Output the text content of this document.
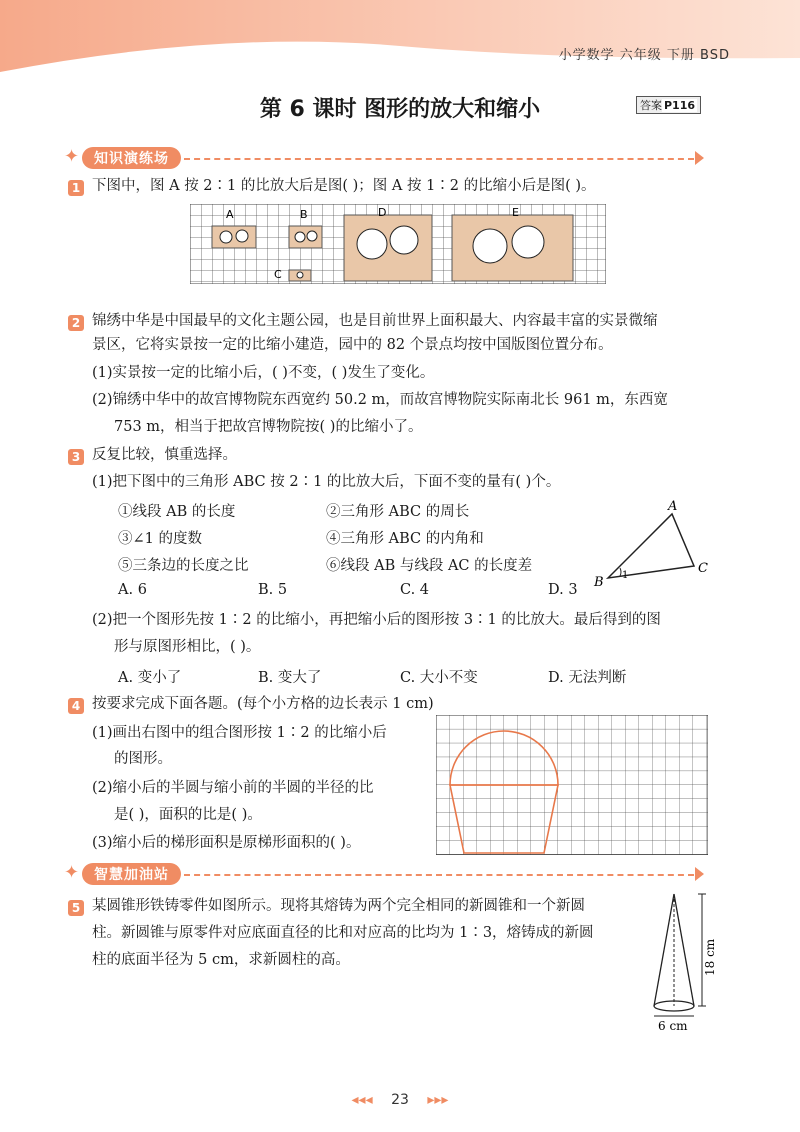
小学数学 六年级 下册 BSD
第 6 课时 图形的放大和缩小	答案 P116
✦	知识演练场
1 下图中，图 A 按 2∶1 的比放大后是图( )；图 A 按 1∶2 的比缩小后是图( )。
A	B
C
D	E
2 锦绣中华是中国最早的文化主题公园，也是目前世界上面积最大、内容最丰富的实景微缩
景区，它将实景按一定的比缩小建造，园中的 82 个景点均按中国版图位置分布。
(1)实景按一定的比缩小后，( )不变，( )发生了变化。
(2)锦绣中华中的故宫博物院东西宽约 50.2 m，而故宫博物院实际南北长 961 m，东西宽
753 m，相当于把故宫博物院按( )的比缩小了。
3 反复比较，慎重选择。
(1)把下图中的三角形 ABC 按 2∶1 的比放大后，下面不变的量有( )个。
①线段 AB 的长度	②三角形 ABC 的周长
③∠1 的度数	④三角形 ABC 的内角和
⑤三条边的长度之比	⑥线段 AB 与线段 AC 的长度差
A. 6	B. 5	C. 4	D. 3
A
B
C
1
(2)把一个图形先按 1∶2 的比缩小，再把缩小后的图形按 3∶1 的比放大。最后得到的图
形与原图形相比，( )。
A. 变小了	B. 变大了	C. 大小不变	D. 无法判断
4 按要求完成下面各题。(每个小方格的边长表示 1 cm)
(1)画出右图中的组合图形按 1∶2 的比缩小后
的图形。
(2)缩小后的半圆与缩小前的半圆的半径的比
是( )，面积的比是( )。
(3)缩小后的梯形面积是原梯形面积的( )。
✦	智慧加油站
5 某圆锥形铁铸零件如图所示。现将其熔铸为两个完全相同的新圆锥和一个新圆
柱。新圆锥与原零件对应底面直径的比和对应高的比均为 1∶3，熔铸成的新圆
柱的底面半径为 5 cm，求新圆柱的高。	18 cm
6 cm
◂◂◂ 23 ▸▸▸
